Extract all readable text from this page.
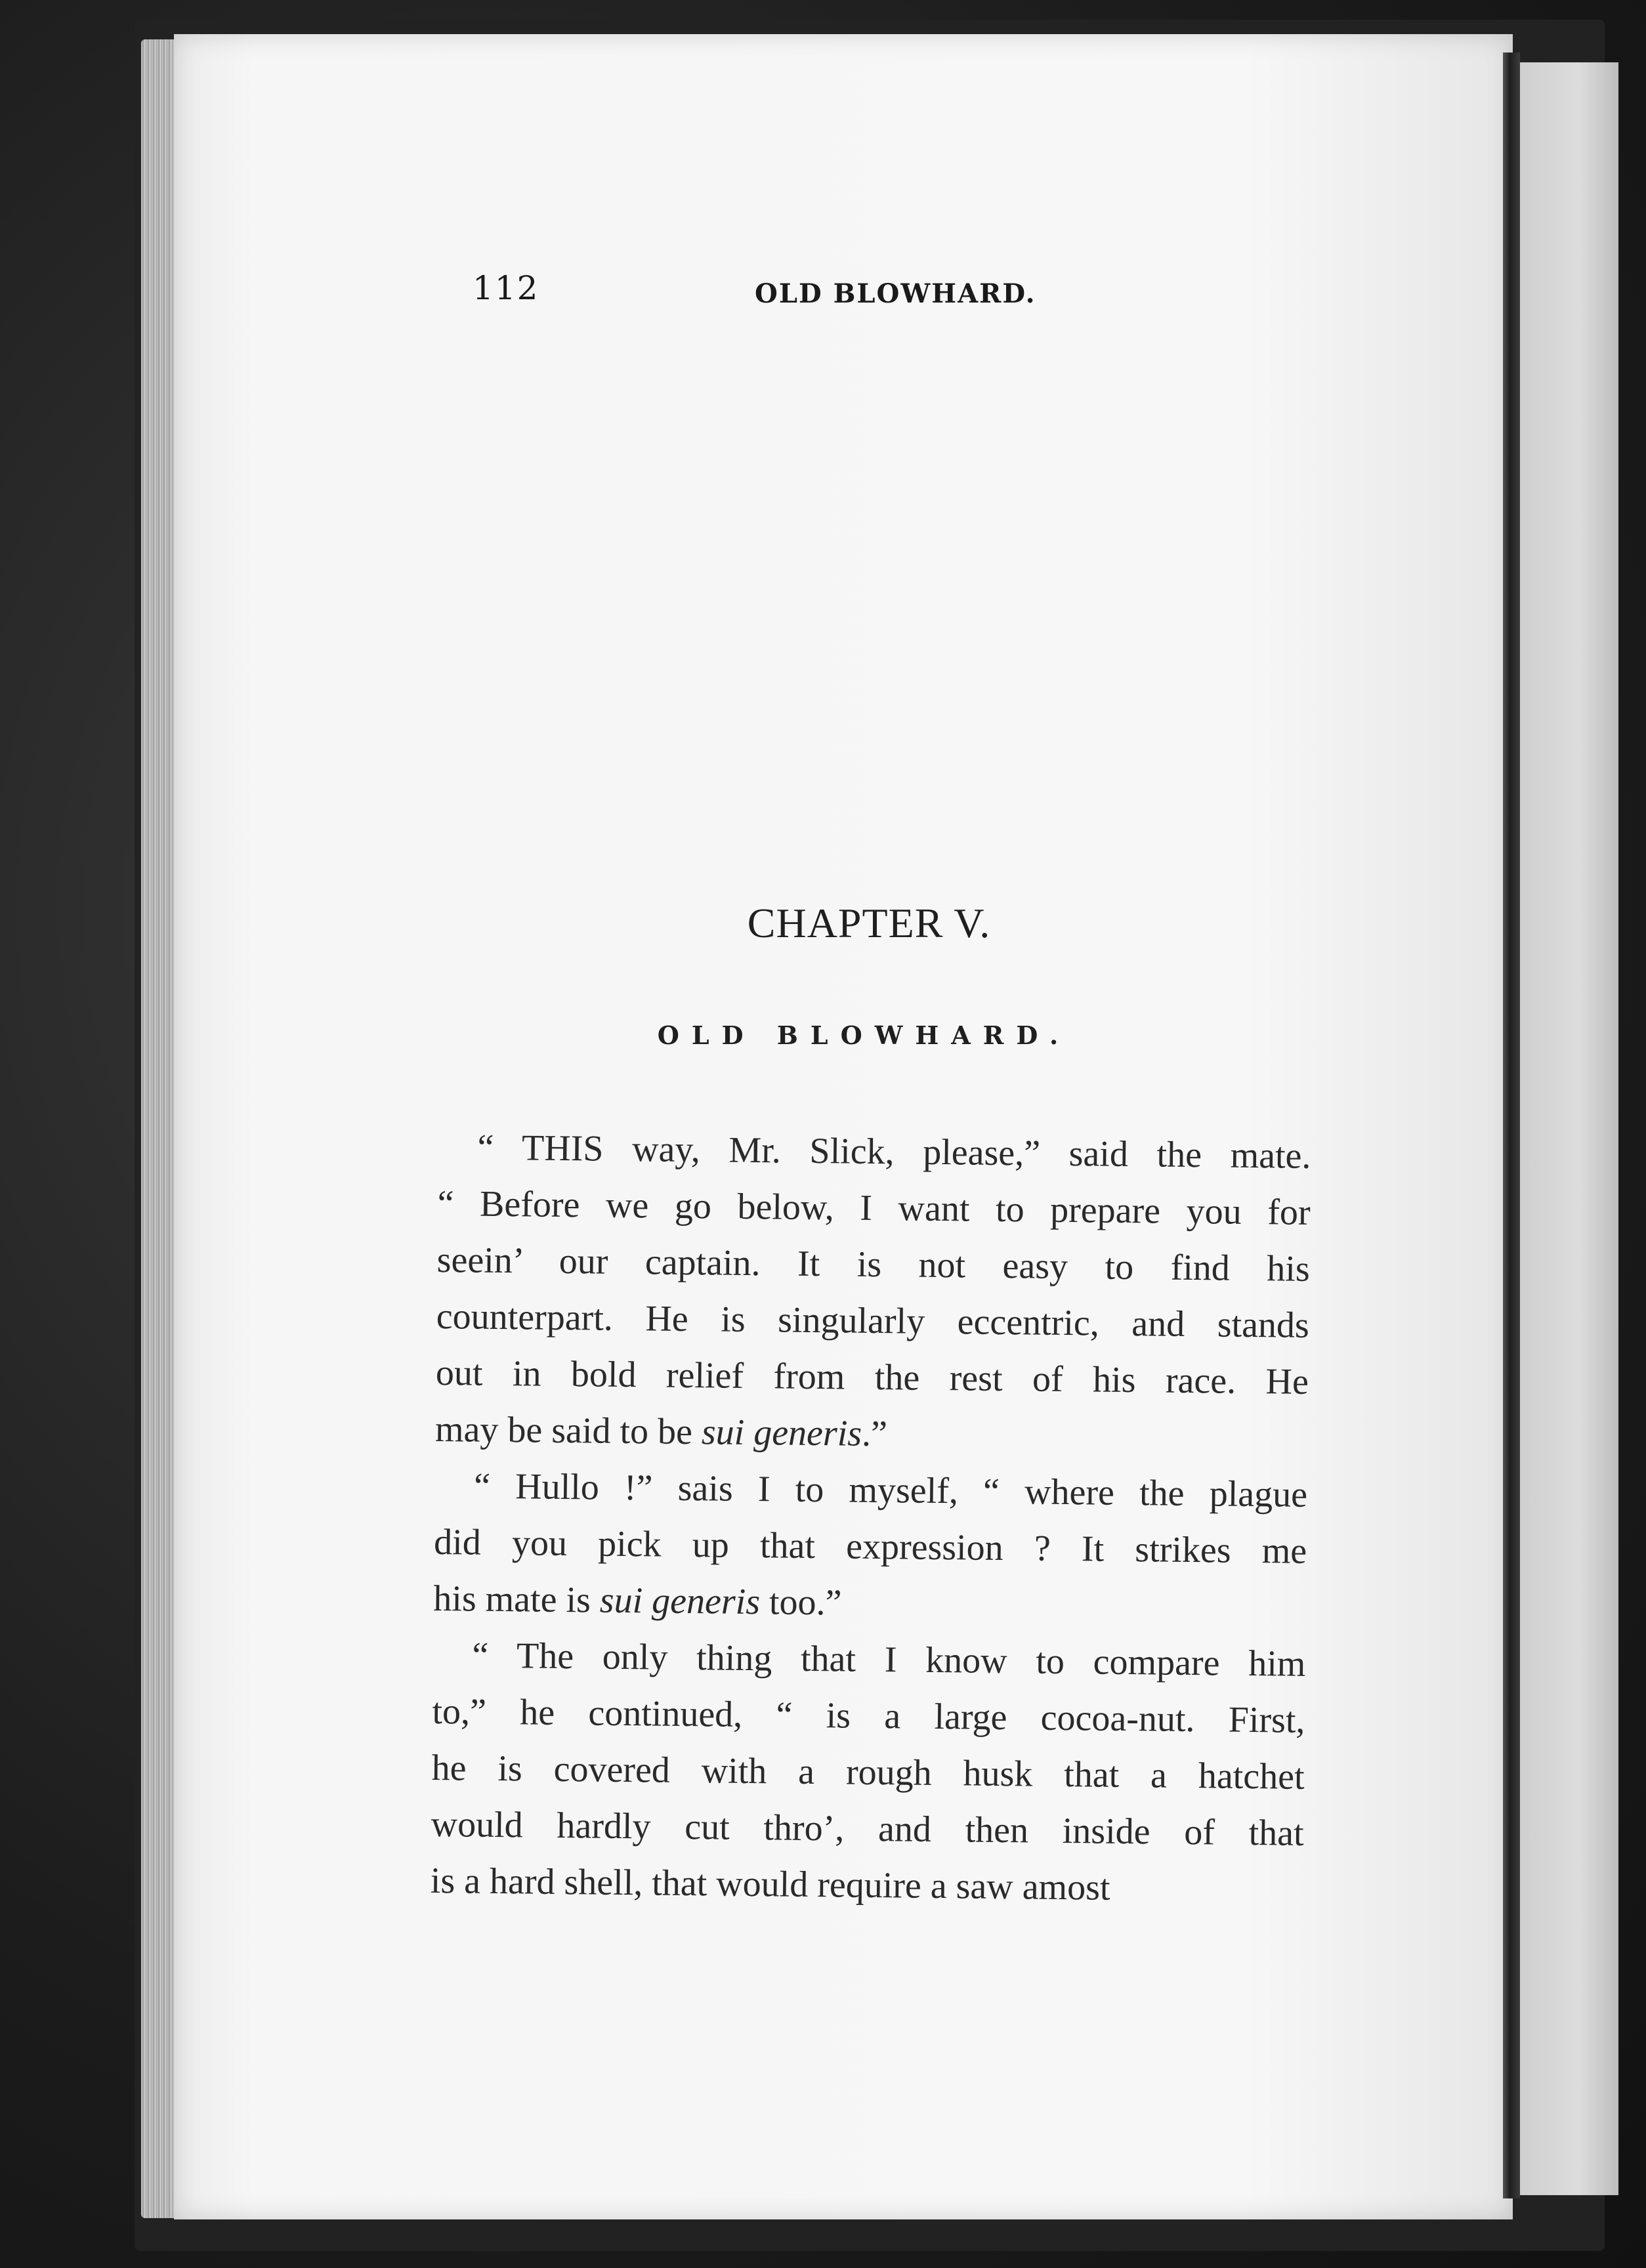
112	OLD BLOWHARD.
CHAPTER V.
OLD BLOWHARD.
“ THIS way, Mr. Slick, please,” said the mate.
“ Before we go below, I want to prepare you for
seein’ our captain. It is not easy to find his
counterpart. He is singularly eccentric, and stands
out in bold relief from the rest of his race. He
may be said to be sui generis.”
“ Hullo !” sais I to myself, “ where the plague
did you pick up that expression ? It strikes me
his mate is sui generis too.”
“ The only thing that I know to compare him
to,” he continued, “ is a large cocoa-nut. First,
he is covered with a rough husk that a hatchet
would hardly cut thro’, and then inside of that
is a hard shell, that would require a saw amost
